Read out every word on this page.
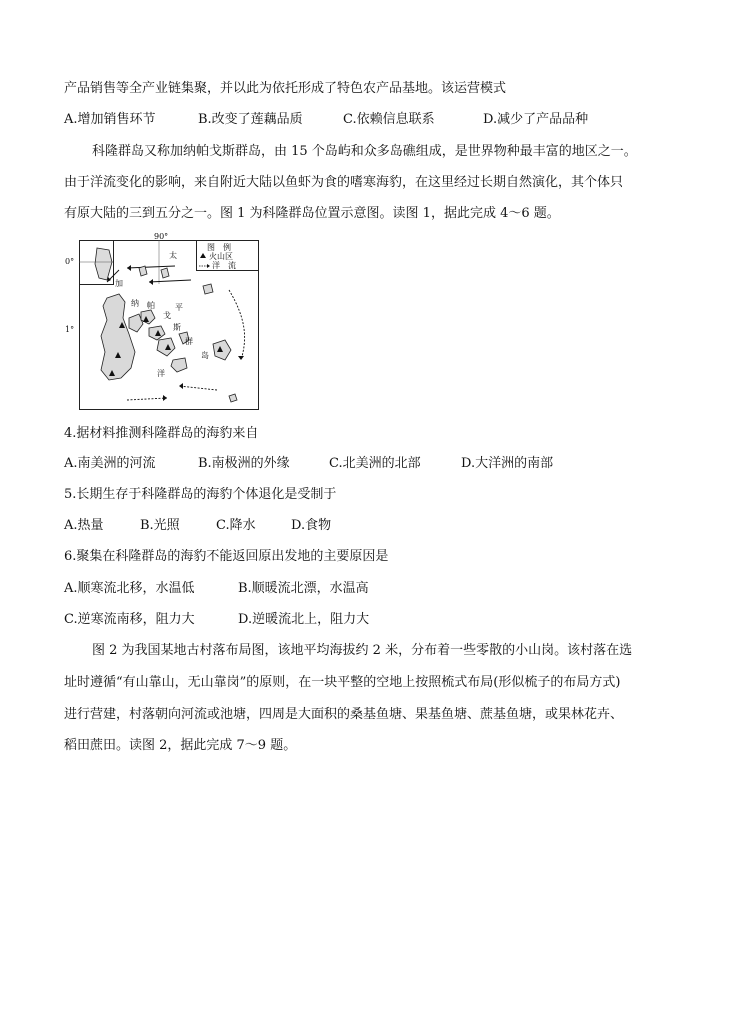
产品销售等全产业链集聚，并以此为依托形成了特色农产品基地。该运营模式
A.增加销售环节	B.改变了莲藕品质	C.依赖信息联系	D.减少了产品品种
科隆群岛又称加纳帕戈斯群岛，由 15 个岛屿和众多岛礁组成，是世界物种最丰富的地区之一。
由于洋流变化的影响，来自附近大陆以鱼虾为食的嗜寒海豹，在这里经过长期自然演化，其个体只
有原大陆的三到五分之一。图 1 为科隆群岛位置示意图。读图 1，据此完成 4～6 题。
图　例
火山区
洋　流
90°
0°
1°
太
加
纳 帕
戈
平
斯
群
岛
洋
4.据材料推测科隆群岛的海豹来自
A.南美洲的河流	B.南极洲的外缘	C.北美洲的北部	D.大洋洲的南部
5.长期生存于科隆群岛的海豹个体退化是受制于
A.热量	B.光照	C.降水	D.食物
6.聚集在科隆群岛的海豹不能返回原出发地的主要原因是
A.顺寒流北移，水温低	B.顺暖流北漂，水温高
C.逆寒流南移，阻力大	D.逆暖流北上，阻力大
图 2 为我国某地古村落布局图，该地平均海拔约 2 米，分布着一些零散的小山岗。该村落在选
址时遵循“有山靠山，无山靠岗”的原则，在一块平整的空地上按照梳式布局(形似梳子的布局方式)
进行营建，村落朝向河流或池塘，四周是大面积的桑基鱼塘、果基鱼塘、蔗基鱼塘，或果林花卉、
稻田蔗田。读图 2，据此完成 7～9 题。
